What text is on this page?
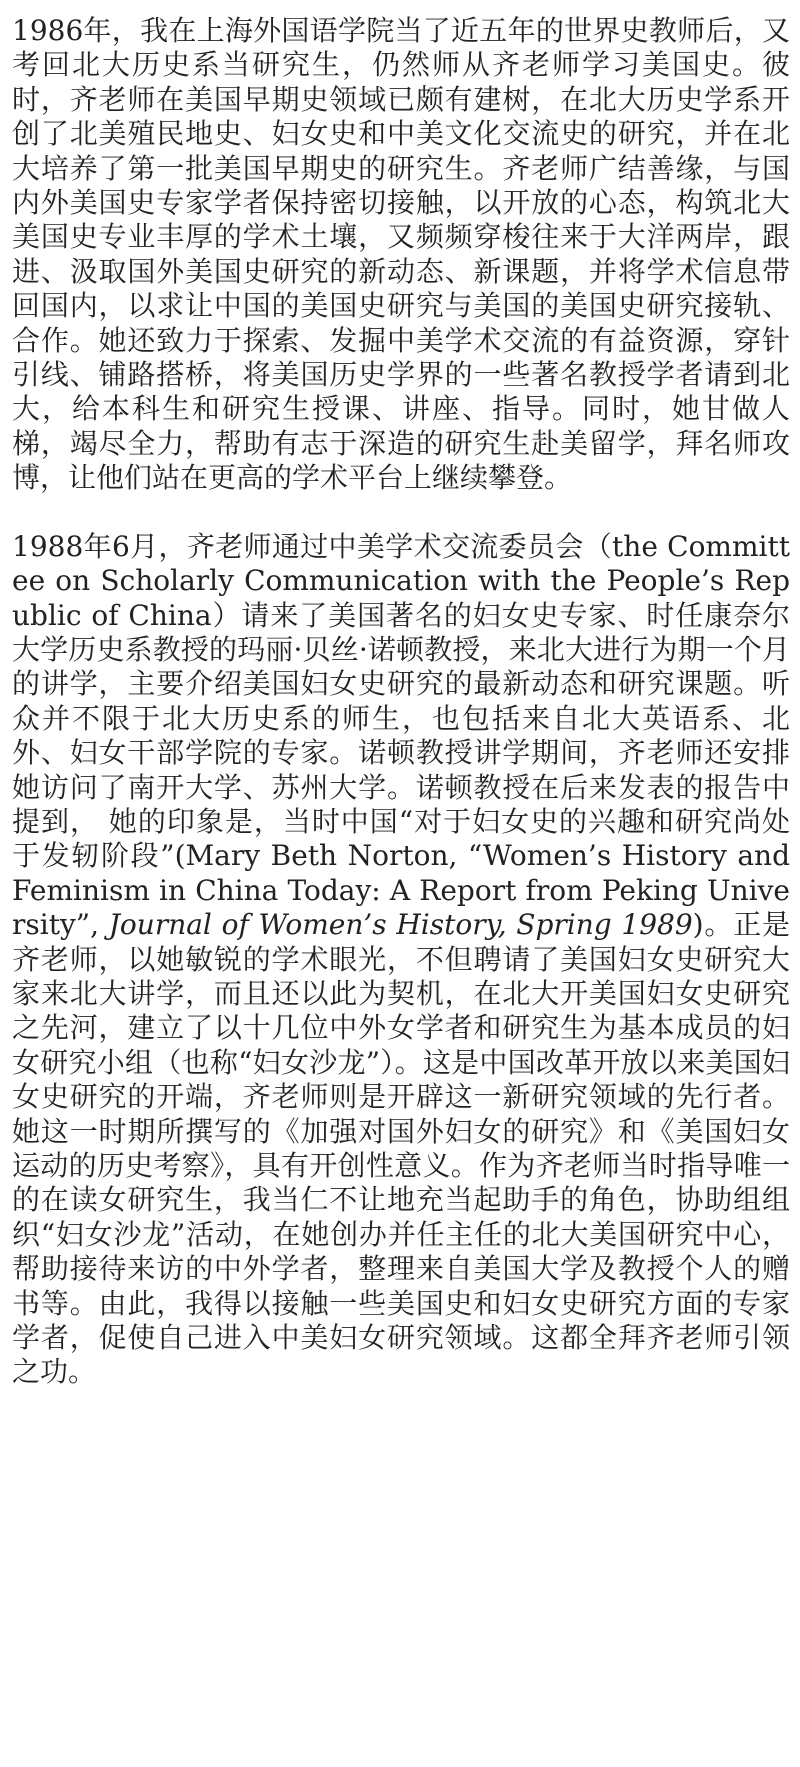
1986年，我在上海外国语学院当了近五年的世界史教师后，又考回北大历史系当研究生，仍然师从齐老师学习美国史。彼时，齐老师在美国早期史领域已颇有建树，在北大历史学系开创了北美殖民地史、妇女史和中美文化交流史的研究，并在北大培养了第一批美国早期史的研究生。齐老师广结善缘，与国内外美国史专家学者保持密切接触，以开放的心态，构筑北大美国史专业丰厚的学术土壤，又频频穿梭往来于大洋两岸，跟进、汲取国外美国史研究的新动态、新课题，并将学术信息带回国内，以求让中国的美国史研究与美国的美国史研究接轨、合作。她还致力于探索、发掘中美学术交流的有益资源，穿针引线、铺路搭桥，将美国历史学界的一些著名教授学者请到北大，给本科生和研究生授课、讲座、指导。同时，她甘做人梯，竭尽全力，帮助有志于深造的研究生赴美留学，拜名师攻博，让他们站在更高的学术平台上继续攀登。

1988年6月，齐老师通过中美学术交流委员会（the Committee on Scholarly Communication with the People’s Republic of China）请来了美国著名的妇女史专家、时任康奈尔大学历史系教授的玛丽·贝丝·诺顿教授，来北大进行为期一个月的讲学，主要介绍美国妇女史研究的最新动态和研究课题。听众并不限于北大历史系的师生，也包括来自北大英语系、北外、妇女干部学院的专家。诺顿教授讲学期间，齐老师还安排她访问了南开大学、苏州大学。诺顿教授在后来发表的报告中提到， 她的印象是，当时中国“对于妇女史的兴趣和研究尚处于发轫阶段”(Mary Beth Norton, “Women’s History and Feminism in China Today: A Report from Peking University”, Journal of Women’s History, Spring 1989)。正是齐老师，以她敏锐的学术眼光，不但聘请了美国妇女史研究大家来北大讲学，而且还以此为契机，在北大开美国妇女史研究之先河，建立了以十几位中外女学者和研究生为基本成员的妇女研究小组（也称“妇女沙龙”）。这是中国改革开放以来美国妇女史研究的开端，齐老师则是开辟这一新研究领域的先行者。她这一时期所撰写的《加强对国外妇女的研究》和《美国妇女运动的历史考察》，具有开创性意义。作为齐老师当时指导唯一的在读女研究生，我当仁不让地充当起助手的角色，协助组组织“妇女沙龙”活动，在她创办并任主任的北大美国研究中心，帮助接待来访的中外学者，整理来自美国大学及教授个人的赠书等。由此，我得以接触一些美国史和妇女史研究方面的专家学者，促使自己进入中美妇女研究领域。这都全拜齐老师引领之功。
